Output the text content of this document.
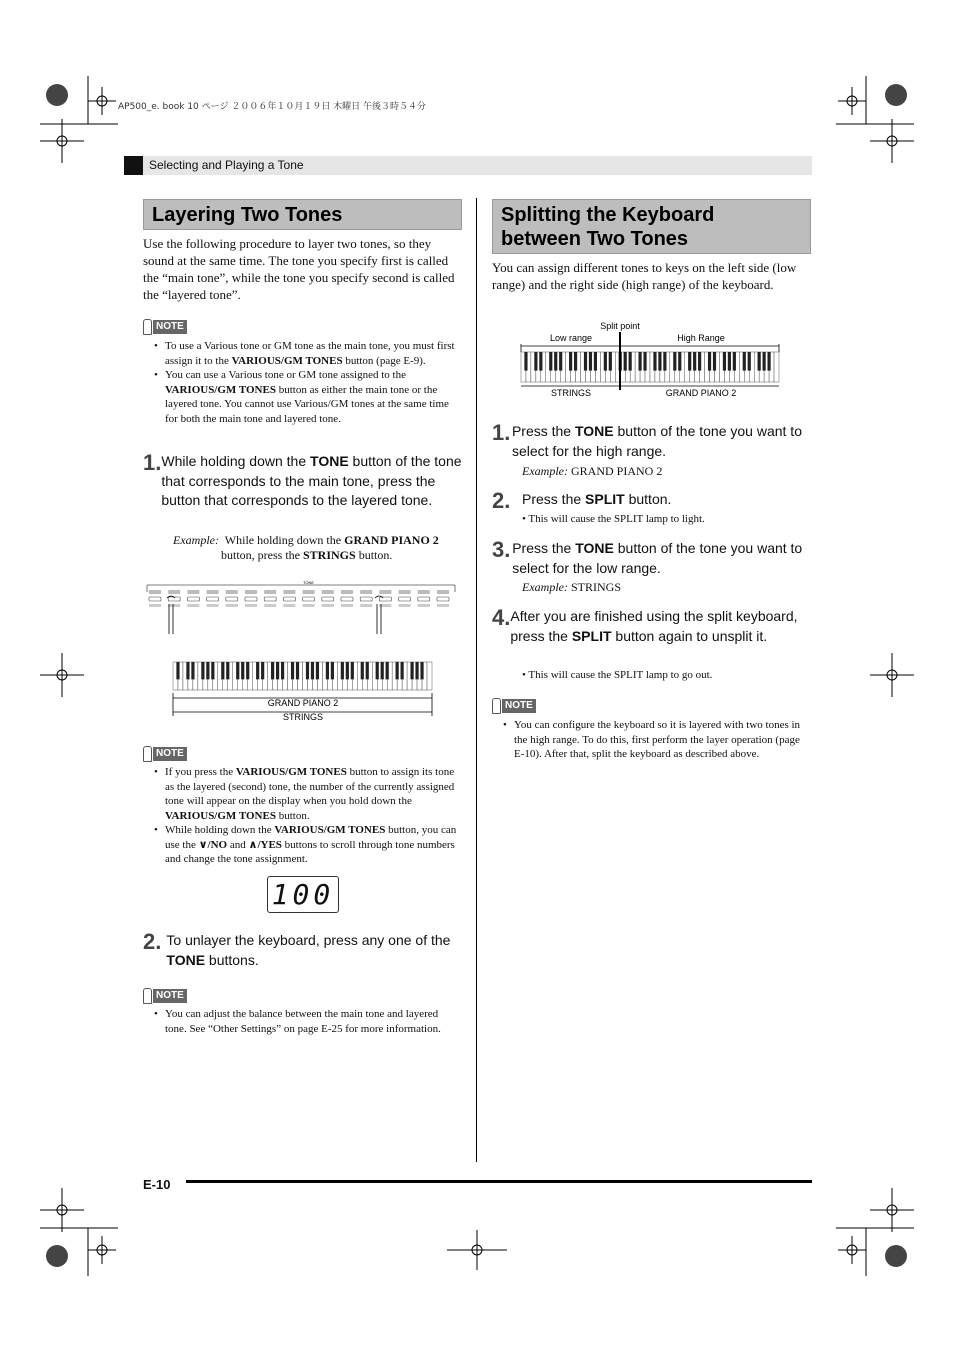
AP500_e. book 10 ページ ２００６年１０月１９日 木曜日 午後３時５４分
Selecting and Playing a Tone
Layering Two Tones
Use the following procedure to layer two tones, so they sound at the same time. The tone you specify first is called the “main tone”, while the tone you specify second is called the “layered tone”.
NOTE
• To use a Various tone or GM tone as the main tone, you must first assign it to the VARIOUS/GM TONES button (page E-9).
• You can use a Various tone or GM tone assigned to the VARIOUS/GM TONES button as either the main tone or the layered tone. You cannot use Various/GM tones at the same time for both the main tone and layered tone.
1. While holding down the TONE button of the tone that corresponds to the main tone, press the button that corresponds to the layered tone.
Example: While holding down the GRAND PIANO 2
button, press the STRINGS button.
TONE
GRAND PIANO 2
STRINGS
NOTE
• If you press the VARIOUS/GM TONES button to assign its tone as the layered (second) tone, the number of the currently assigned tone will appear on the display when you hold down the VARIOUS/GM TONES button.
• While holding down the VARIOUS/GM TONES button, you can use the ∨/NO and ∧/YES buttons to scroll through tone numbers and change the tone assignment.
100
2. To unlayer the keyboard, press any one of the TONE buttons.
NOTE
• You can adjust the balance between the main tone and layered tone. See “Other Settings” on page E-25 for more information.
Splitting the Keyboard
between Two Tones
You can assign different tones to keys on the left side (low range) and the right side (high range) of the keyboard.
Split point
Low range	High Range
STRINGS	GRAND PIANO 2
1. Press the TONE button of the tone you want to select for the high range.
Example: GRAND PIANO 2
2. Press the SPLIT button.
• This will cause the SPLIT lamp to light.
3. Press the TONE button of the tone you want to select for the low range.
Example: STRINGS
4. After you are finished using the split keyboard, press the SPLIT button again to unsplit it.
• This will cause the SPLIT lamp to go out.
NOTE
• You can configure the keyboard so it is layered with two tones in the high range. To do this, first perform the layer operation (page E-10). After that, split the keyboard as described above.
E-10
